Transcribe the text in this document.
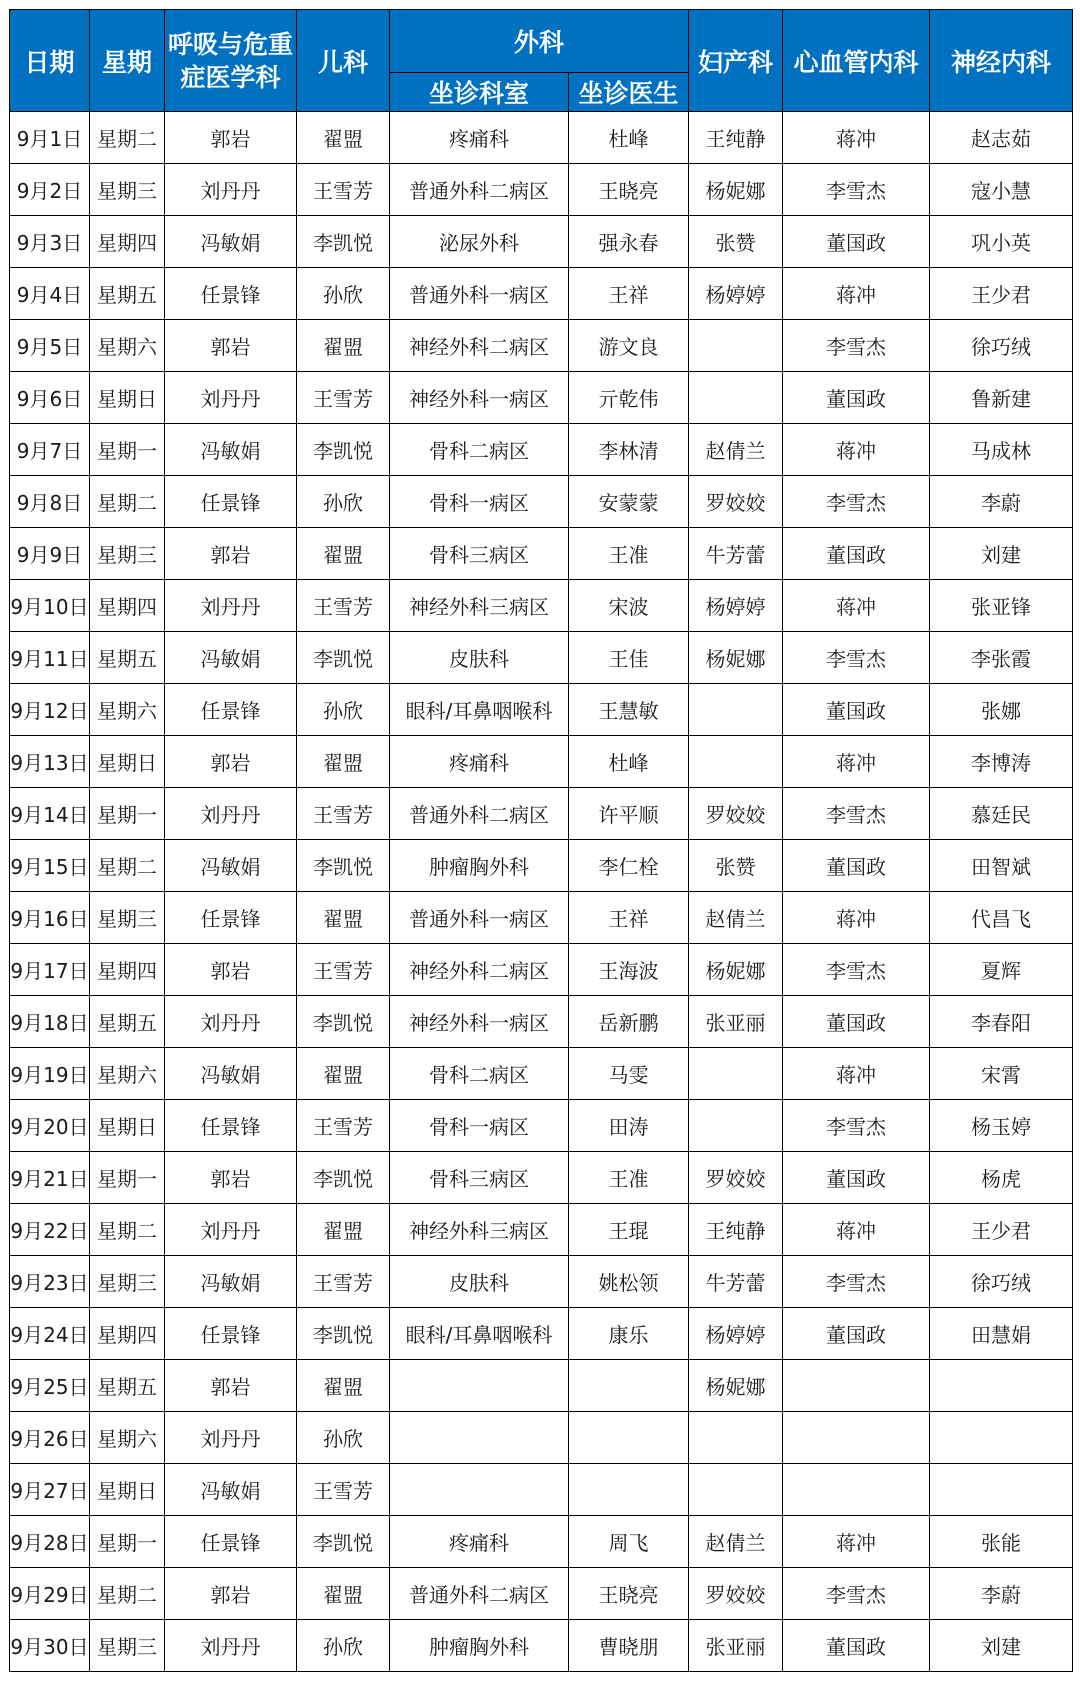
日期	星期	呼吸与危重症医学科	儿科	外科		妇产科	心血管内科	神经内科
				坐诊科室	坐诊医生			
9月1日	星期二	郭岩	翟盟	疼痛科	杜峰	王纯静	蒋冲	赵志茹
9月2日	星期三	刘丹丹	王雪芳	普通外科二病区	王晓亮	杨妮娜	李雪杰	寇小慧
9月3日	星期四	冯敏娟	李凯悦	泌尿外科	强永春	张赞	董国政	巩小英
9月4日	星期五	任景锋	孙欣	普通外科一病区	王祥	杨婷婷	蒋冲	王少君
9月5日	星期六	郭岩	翟盟	神经外科二病区	游文良		李雪杰	徐巧绒
9月6日	星期日	刘丹丹	王雪芳	神经外科一病区	亓乾伟		董国政	鲁新建
9月7日	星期一	冯敏娟	李凯悦	骨科二病区	李林清	赵倩兰	蒋冲	马成林
9月8日	星期二	任景锋	孙欣	骨科一病区	安蒙蒙	罗姣姣	李雪杰	李蔚
9月9日	星期三	郭岩	翟盟	骨科三病区	王准	牛芳蕾	董国政	刘建
9月10日	星期四	刘丹丹	王雪芳	神经外科三病区	宋波	杨婷婷	蒋冲	张亚锋
9月11日	星期五	冯敏娟	李凯悦	皮肤科	王佳	杨妮娜	李雪杰	李张霞
9月12日	星期六	任景锋	孙欣	眼科/耳鼻咽喉科	王慧敏		董国政	张娜
9月13日	星期日	郭岩	翟盟	疼痛科	杜峰		蒋冲	李博涛
9月14日	星期一	刘丹丹	王雪芳	普通外科二病区	许平顺	罗姣姣	李雪杰	慕廷民
9月15日	星期二	冯敏娟	李凯悦	肿瘤胸外科	李仁栓	张赞	董国政	田智斌
9月16日	星期三	任景锋	翟盟	普通外科一病区	王祥	赵倩兰	蒋冲	代昌飞
9月17日	星期四	郭岩	王雪芳	神经外科二病区	王海波	杨妮娜	李雪杰	夏辉
9月18日	星期五	刘丹丹	李凯悦	神经外科一病区	岳新鹏	张亚丽	董国政	李春阳
9月19日	星期六	冯敏娟	翟盟	骨科二病区	马雯		蒋冲	宋霄
9月20日	星期日	任景锋	王雪芳	骨科一病区	田涛		李雪杰	杨玉婷
9月21日	星期一	郭岩	李凯悦	骨科三病区	王准	罗姣姣	董国政	杨虎
9月22日	星期二	刘丹丹	翟盟	神经外科三病区	王琨	王纯静	蒋冲	王少君
9月23日	星期三	冯敏娟	王雪芳	皮肤科	姚松领	牛芳蕾	李雪杰	徐巧绒
9月24日	星期四	任景锋	李凯悦	眼科/耳鼻咽喉科	康乐	杨婷婷	董国政	田慧娟
9月25日	星期五	郭岩	翟盟			杨妮娜		
9月26日	星期六	刘丹丹	孙欣					
9月27日	星期日	冯敏娟	王雪芳					
9月28日	星期一	任景锋	李凯悦	疼痛科	周飞	赵倩兰	蒋冲	张能
9月29日	星期二	郭岩	翟盟	普通外科二病区	王晓亮	罗姣姣	李雪杰	李蔚
9月30日	星期三	刘丹丹	孙欣	肿瘤胸外科	曹晓朋	张亚丽	董国政	刘建
